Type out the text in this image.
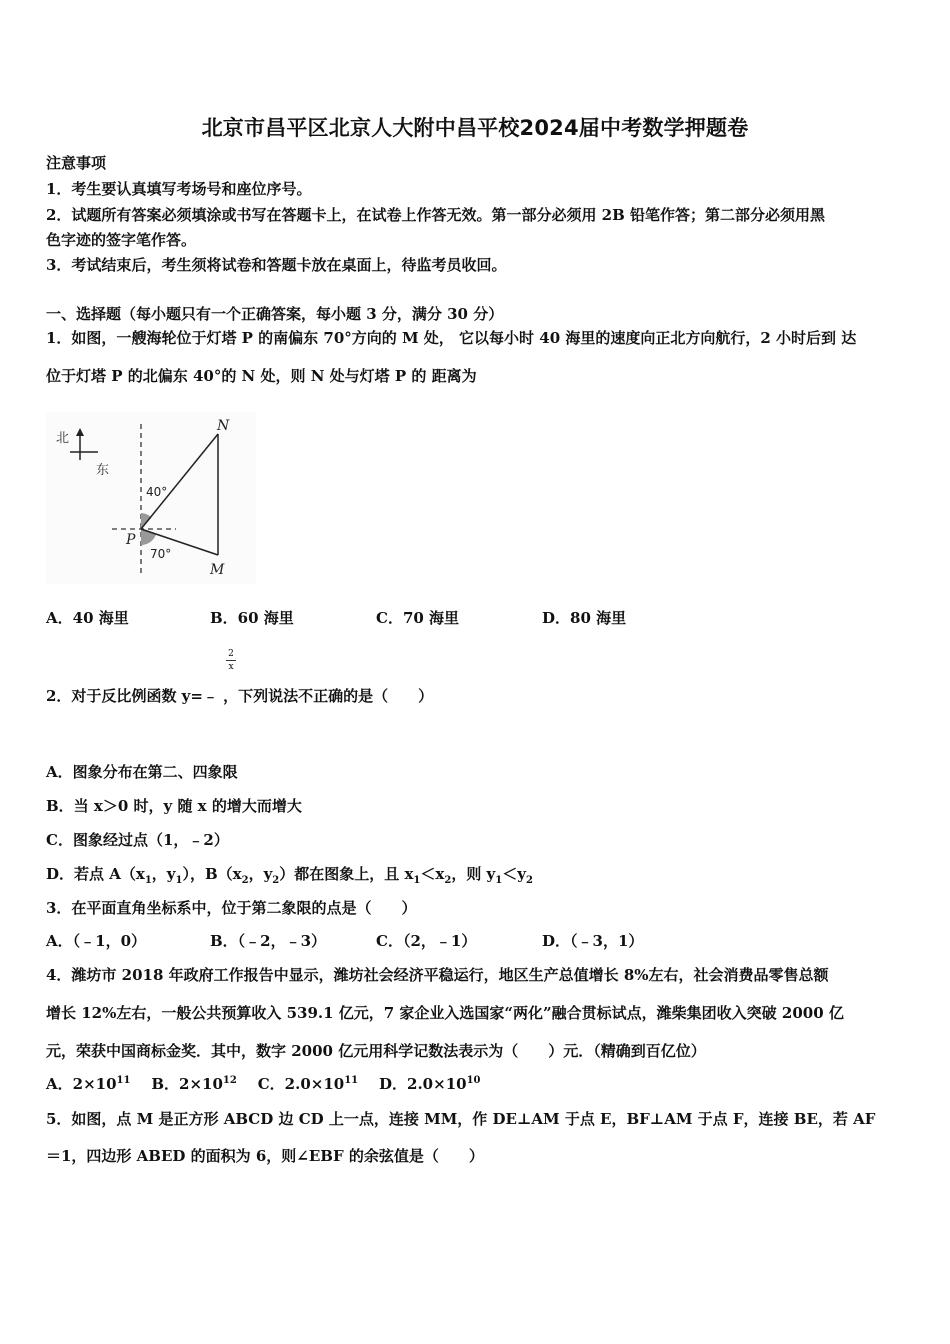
北京市昌平区北京人大附中昌平校2024届中考数学押题卷
注意事项
1．考生要认真填写考场号和座位序号。
2．试题所有答案必须填涂或书写在答题卡上，在试卷上作答无效。第一部分必须用 2B 铅笔作答；第二部分必须用黑
色字迹的签字笔作答。
3．考试结束后，考生须将试卷和答题卡放在桌面上，待监考员收回。
一、选择题（每小题只有一个正确答案，每小题 3 分，满分 30 分）
1．如图，一艘海轮位于灯塔 P 的南偏东 70°方向的 M 处， 它以每小时 40 海里的速度向正北方向航行，2 小时后到 达
位于灯塔 P 的北偏东 40°的 N 处，则 N 处与灯塔 P 的 距离为
北
东
N
M
P
40°
70°
A．40 海里	B．60 海里	C．70 海里	D．80 海里
$\frac{2}{x}$
2．对于反比例函数 y=﹣ ，下列说法不正确的是（　　）
A．图象分布在第二、四象限
B．当 x＞0 时，y 随 x 的增大而增大
C．图象经过点（1，﹣2）
D．若点 $A(x_1$，$y_1$），$B(x_2$，$y_2$）都在图象上，且 $x_1<x_2$，则 $y_1<y_2$
3．在平面直角坐标系中，位于第二象限的点是（　　）
A．（﹣1，0）	B．（﹣2，﹣3）	C．（2，﹣1）	D．（﹣3，1）
4．潍坊市 2018 年政府工作报告中显示，潍坊社会经济平稳运行，地区生产总值增长 8%左右，社会消费品零售总额
增长 12%左右，一般公共预算收入 539.1 亿元，7 家企业入选国家“两化”融合贯标试点，潍柴集团收入突破 2000 亿
元，荣获中国商标金奖．其中，数字 2000 亿元用科学记数法表示为（　　）元．（精确到百亿位）
A．$2\times 10^{11}$ B．$2\times 10^{12}$ C．$2.0\times 10^{11}$ D．$2.0\times 10^{10}$
5．如图，点 M 是正方形 ABCD 边 CD 上一点，连接 MM，作 DE⊥AM 于点 E，BF⊥AM 于点 F，连接 BE，若 AF
＝1，四边形 ABED 的面积为 6，则∠EBF 的余弦值是（　　）
